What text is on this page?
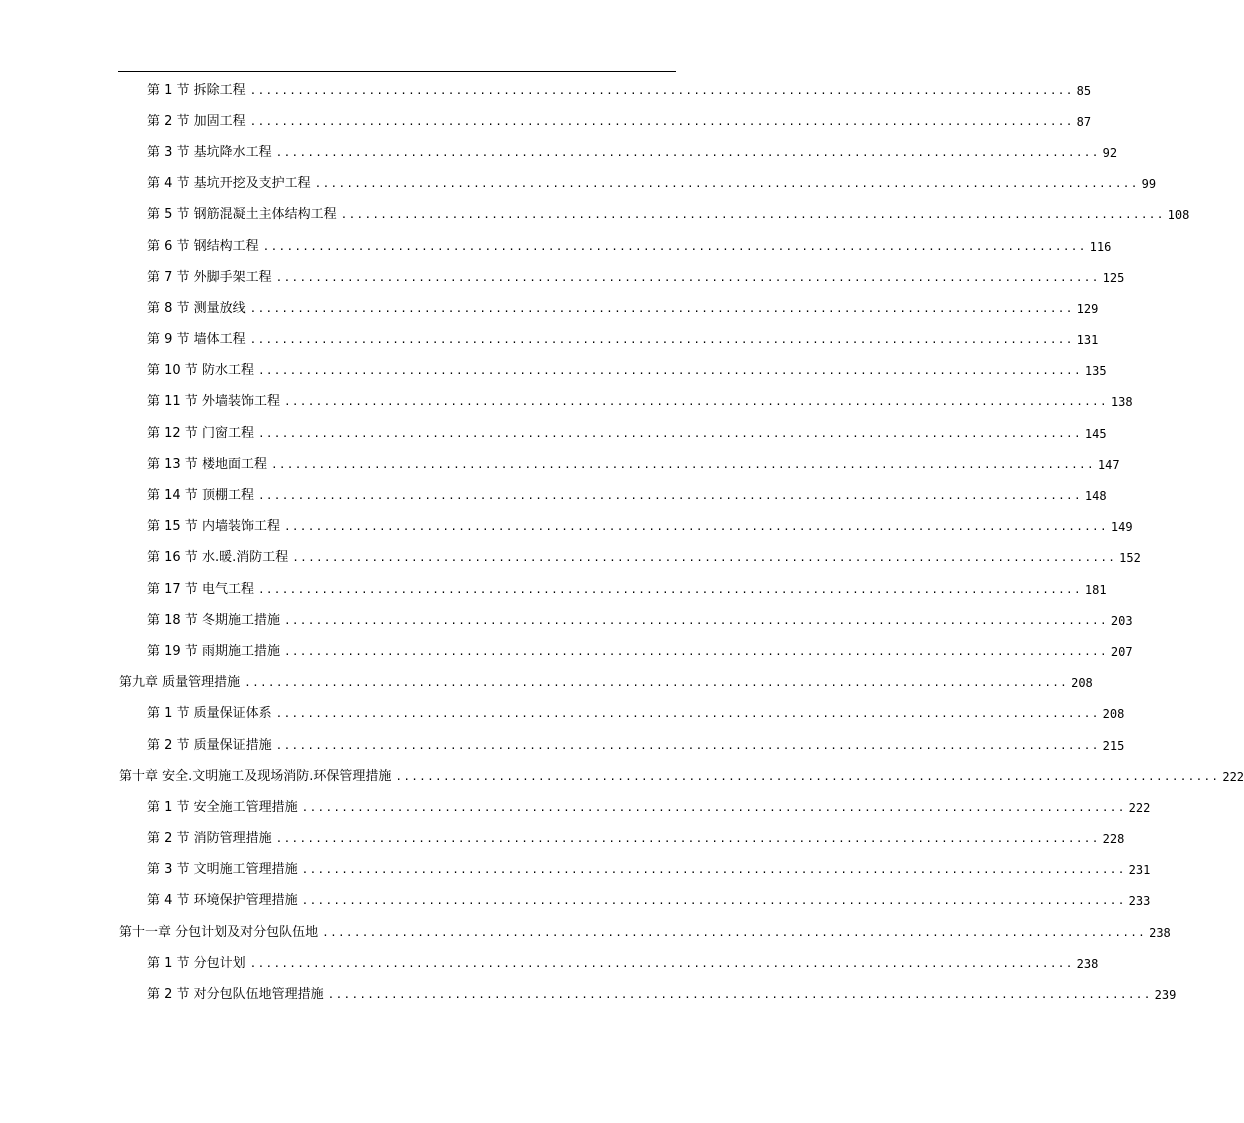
第 1 节 拆除工程 ........................................................................................................ 85
第 2 节 加固工程 ........................................................................................................ 87
第 3 节 基坑降水工程 ........................................................................................................ 92
第 4 节 基坑开挖及支护工程 ........................................................................................................ 99
第 5 节 钢筋混凝土主体结构工程 ........................................................................................................ 108
第 6 节 钢结构工程 ........................................................................................................ 116
第 7 节 外脚手架工程 ........................................................................................................ 125
第 8 节 测量放线 ........................................................................................................ 129
第 9 节 墙体工程 ........................................................................................................ 131
第 10 节 防水工程 ........................................................................................................ 135
第 11 节 外墙装饰工程 ........................................................................................................ 138
第 12 节 门窗工程 ........................................................................................................ 145
第 13 节 楼地面工程 ........................................................................................................ 147
第 14 节 顶棚工程 ........................................................................................................ 148
第 15 节 内墙装饰工程 ........................................................................................................ 149
第 16 节 水.暖.消防工程 ........................................................................................................ 152
第 17 节 电气工程 ........................................................................................................ 181
第 18 节 冬期施工措施 ........................................................................................................ 203
第 19 节 雨期施工措施 ........................................................................................................ 207
第九章 质量管理措施 ........................................................................................................ 208
第 1 节 质量保证体系 ........................................................................................................ 208
第 2 节 质量保证措施 ........................................................................................................ 215
第十章 安全.文明施工及现场消防.环保管理措施 ........................................................................................................ 222
第 1 节 安全施工管理措施 ........................................................................................................ 222
第 2 节 消防管理措施 ........................................................................................................ 228
第 3 节 文明施工管理措施 ........................................................................................................ 231
第 4 节 环境保护管理措施 ........................................................................................................ 233
第十一章 分包计划及对分包队伍地 ........................................................................................................ 238
第 1 节 分包计划 ........................................................................................................ 238
第 2 节 对分包队伍地管理措施 ........................................................................................................ 239
